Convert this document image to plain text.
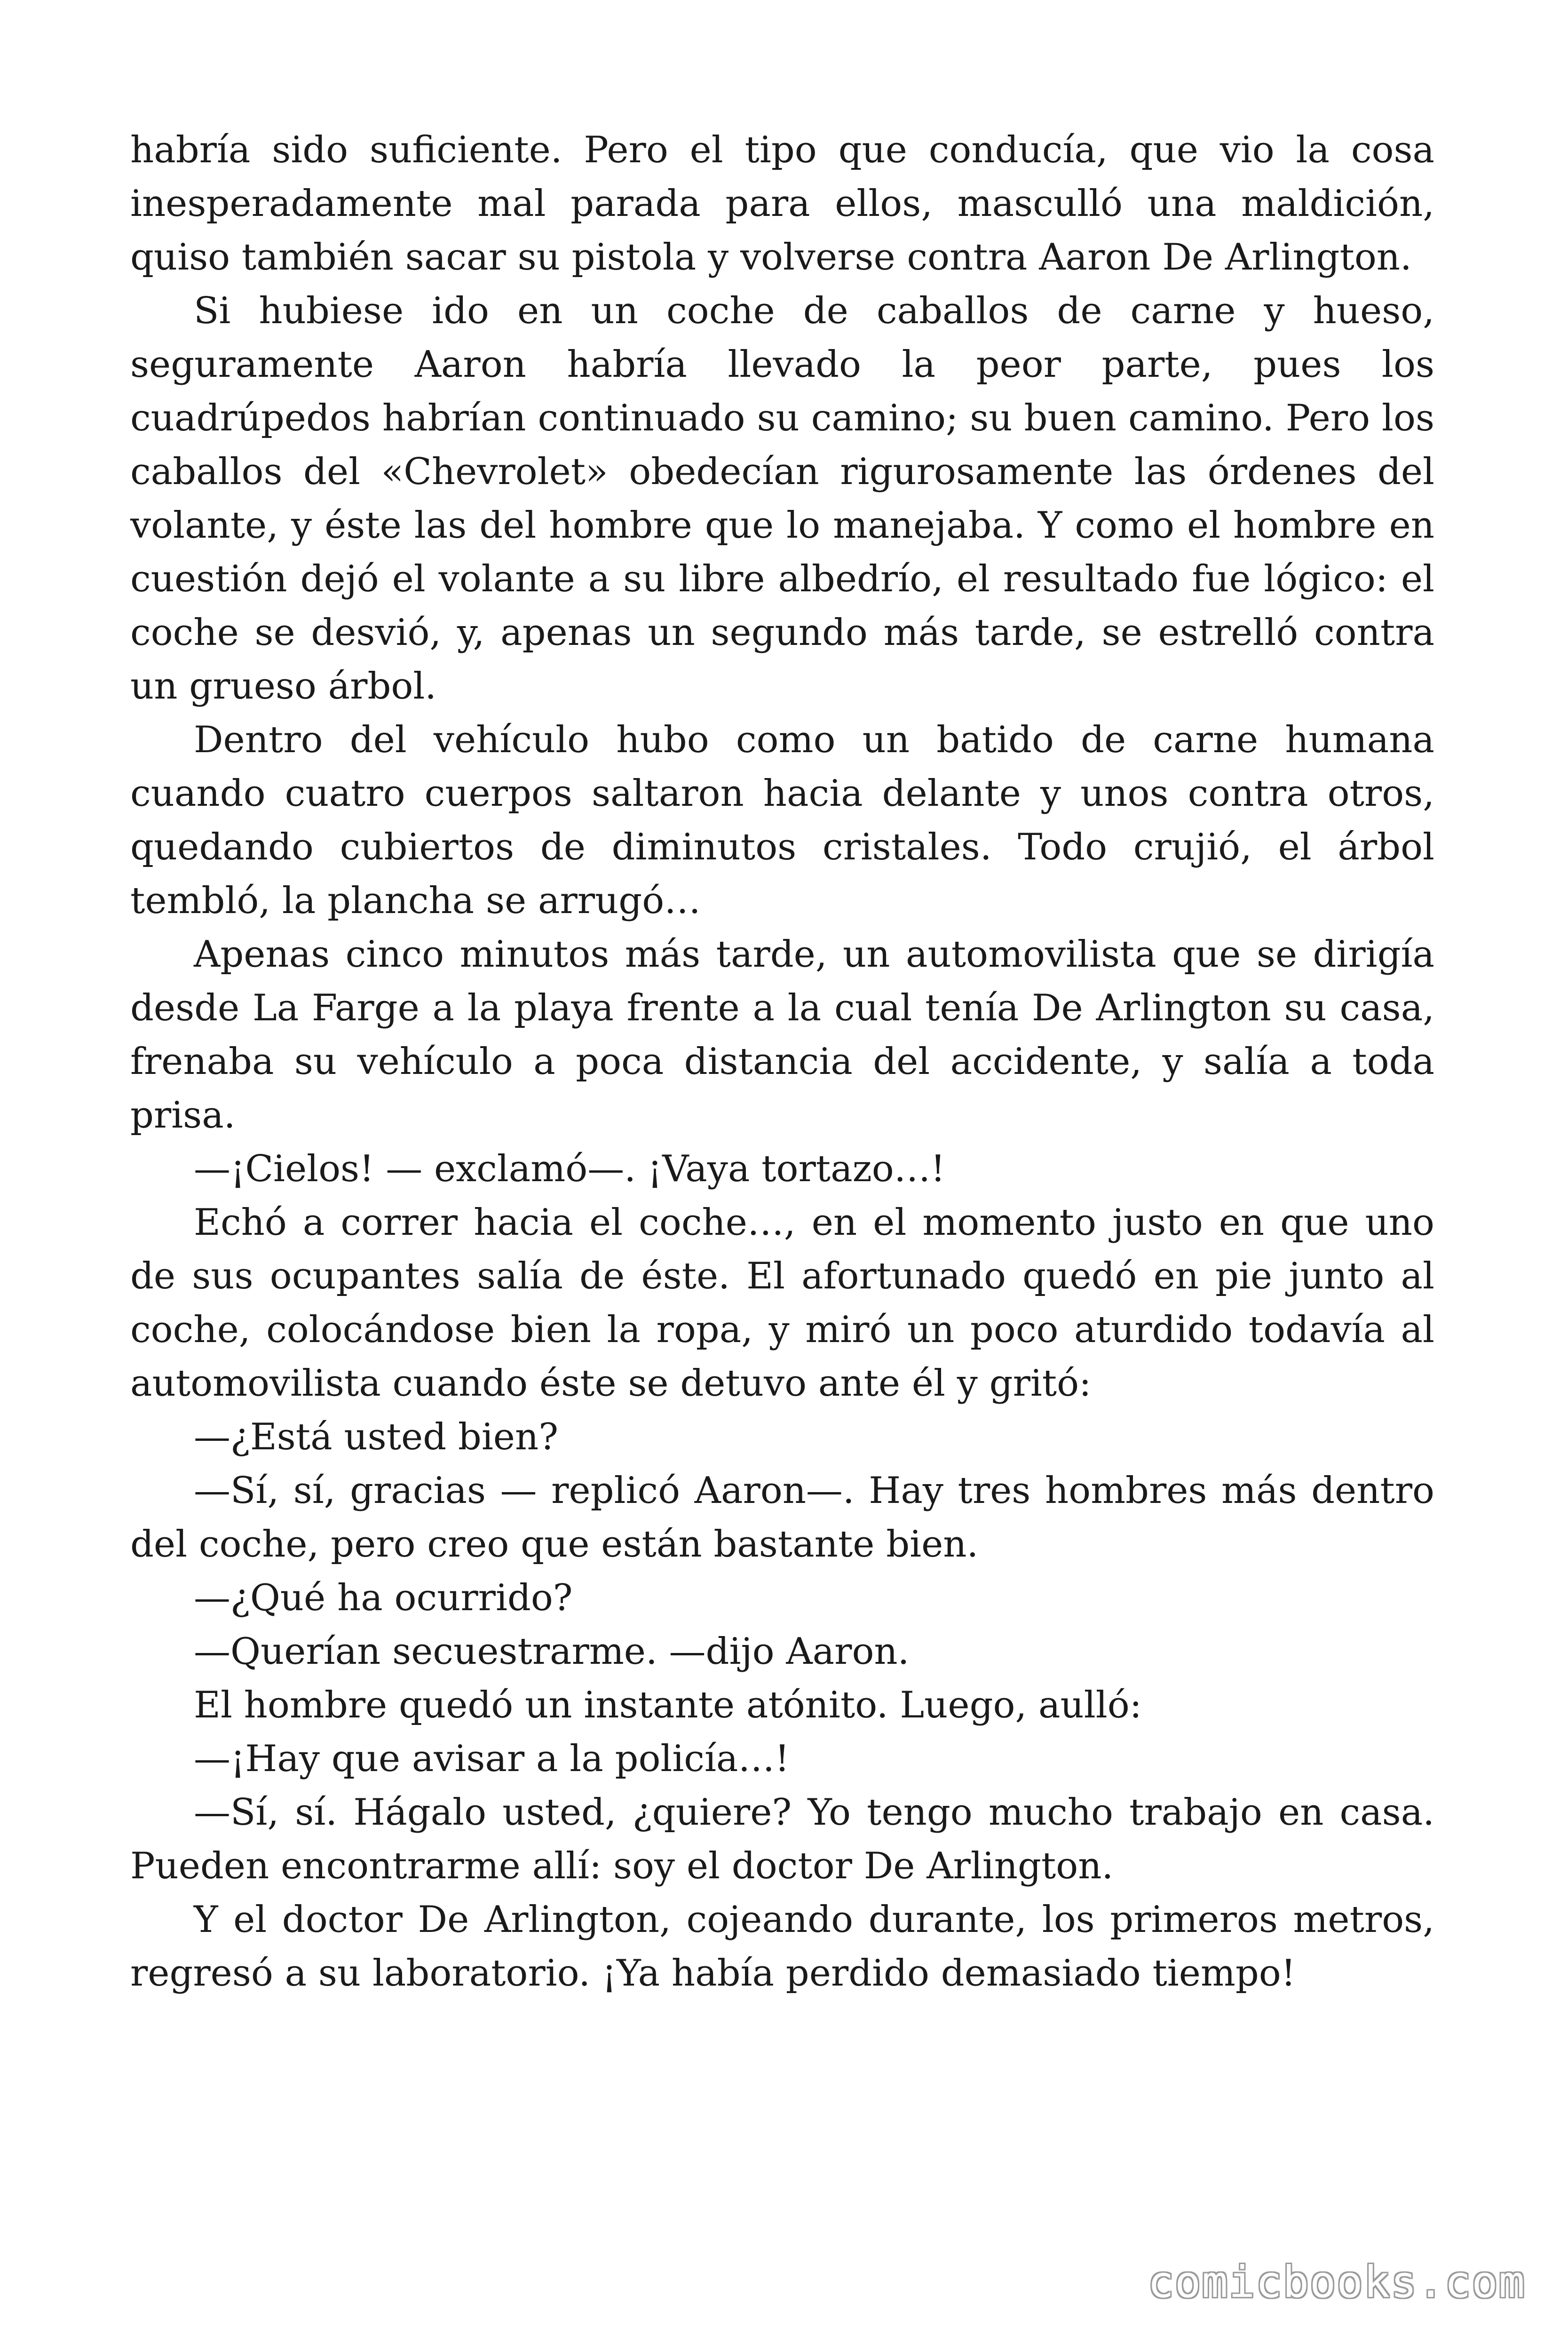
habría sido suficiente. Pero el tipo que conducía, que vio la cosa inesperadamente mal parada para ellos, masculló una maldición, quiso también sacar su pistola y volverse contra Aaron De Arlington.

Si hubiese ido en un coche de caballos de carne y hueso, seguramente Aaron habría llevado la peor parte, pues los cuadrúpedos habrían continuado su camino; su buen camino. Pero los caballos del «Chevrolet» obedecían rigurosamente las órdenes del volante, y éste las del hombre que lo manejaba. Y como el hombre en cuestión dejó el volante a su libre albedrío, el resultado fue lógico: el coche se desvió, y, apenas un segundo más tarde, se estrelló contra un grueso árbol.

Dentro del vehículo hubo como un batido de carne humana cuando cuatro cuerpos saltaron hacia delante y unos contra otros, quedando cubiertos de diminutos cristales. Todo crujió, el árbol tembló, la plancha se arrugó…

Apenas cinco minutos más tarde, un automovilista que se dirigía desde La Farge a la playa frente a la cual tenía De Arlington su casa, frenaba su vehículo a poca distancia del accidente, y salía a toda prisa.

—¡Cielos! — exclamó—. ¡Vaya tortazo…!

Echó a correr hacia el coche…, en el momento justo en que uno de sus ocupantes salía de éste. El afortunado quedó en pie junto al coche, colocándose bien la ropa, y miró un poco aturdido todavía al automovilista cuando éste se detuvo ante él y gritó:

—¿Está usted bien?

—Sí, sí, gracias — replicó Aaron—. Hay tres hombres más dentro del coche, pero creo que están bastante bien.

—¿Qué ha ocurrido?

—Querían secuestrarme. —dijo Aaron.

El hombre quedó un instante atónito. Luego, aulló:

—¡Hay que avisar a la policía…!

—Sí, sí. Hágalo usted, ¿quiere? Yo tengo mucho trabajo en casa. Pueden encontrarme allí: soy el doctor De Arlington.

Y el doctor De Arlington, cojeando durante, los primeros metros, regresó a su laboratorio. ¡Ya había perdido demasiado tiempo!

comicbooks.com
